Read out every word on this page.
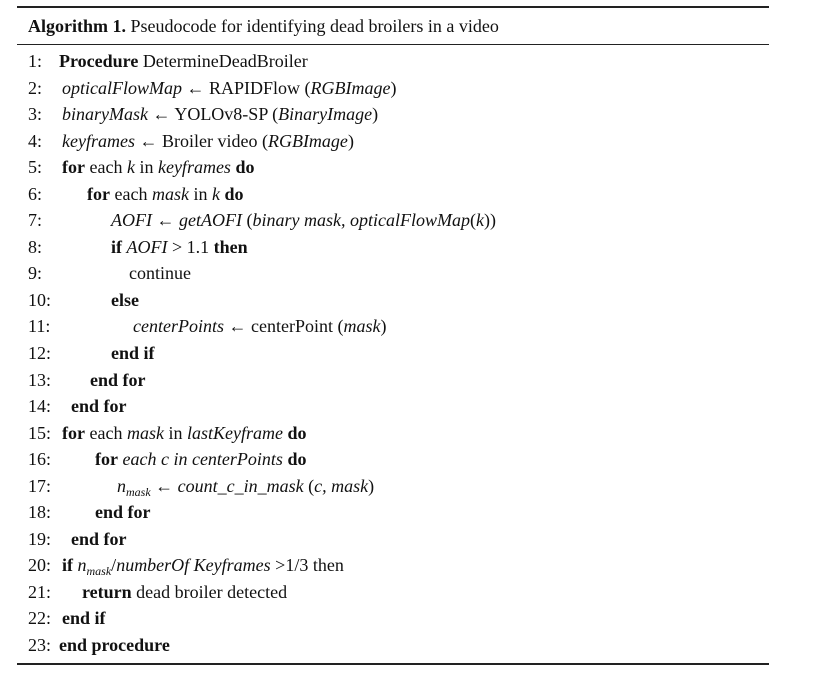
Algorithm 1. Pseudocode for identifying dead broilers in a video
1: Procedure DetermineDeadBroiler
2: opticalFlowMap ← RAPIDFlow (RGBImage)
3: binaryMask ← YOLOv8-SP (BinaryImage)
4: keyframes ← Broiler video (RGBImage)
5: for each k in keyframes do
6: for each mask in k do
7:	AOFI ← getAOFI (binary mask, opticalFlowMap(k))
8:	if AOFI > 1.1 then
9:	continue
10:	else
11:	centerPoints ← centerPoint (mask)
12:	end if
13: end for
14: end for
15: for each mask in lastKeyframe do
16: for each c in centerPoints do
17:	$n_{mask}$ ← count_c_in_mask (c, mask)
18: end for
19: end for
20: if $n_{mask}$/numberOf Keyframes >1/3 then
21: return dead broiler detected
22: end if
23: end procedure
